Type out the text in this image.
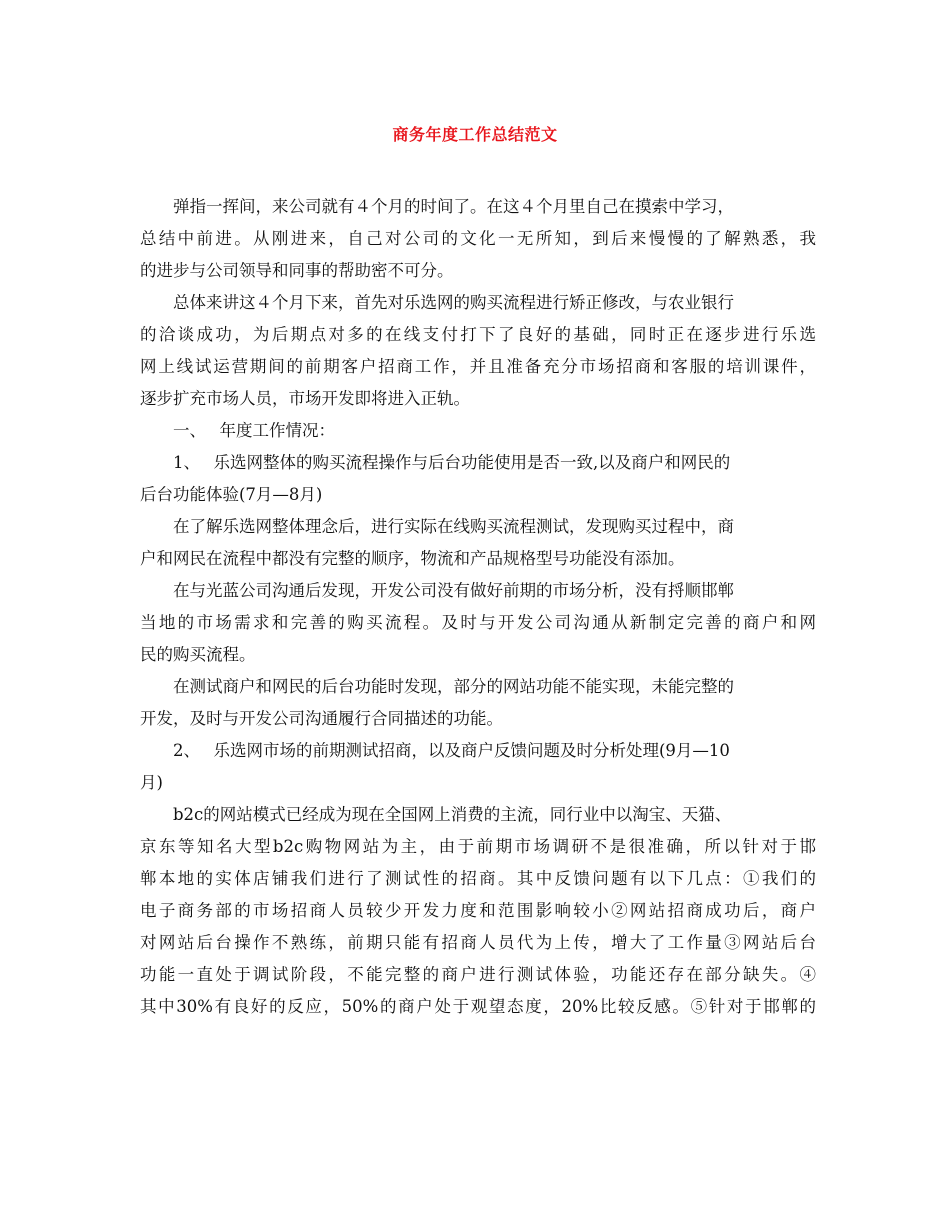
商务年度工作总结范文
弹指一挥间，来公司就有４个月的时间了。在这４个月里自己在摸索中学习，
总结中前进。从刚进来，自己对公司的文化一无所知，到后来慢慢的了解熟悉，我
的进步与公司领导和同事的帮助密不可分。
总体来讲这４个月下来，首先对乐选网的购买流程进行矫正修改，与农业银行
的洽谈成功，为后期点对多的在线支付打下了良好的基础，同时正在逐步进行乐选
网上线试运营期间的前期客户招商工作，并且准备充分市场招商和客服的培训课件，
逐步扩充市场人员，市场开发即将进入正轨。
一、　 年度工作情况：
1、　 乐选网整体的购买流程操作与后台功能使用是否一致,以及商户和网民的
后台功能体验(7月—8月)
在了解乐选网整体理念后，进行实际在线购买流程测试，发现购买过程中，商
户和网民在流程中都没有完整的顺序，物流和产品规格型号功能没有添加。
在与光蓝公司沟通后发现，开发公司没有做好前期的市场分析，没有捋顺邯郸
当地的市场需求和完善的购买流程。及时与开发公司沟通从新制定完善的商户和网
民的购买流程。
在测试商户和网民的后台功能时发现，部分的网站功能不能实现，未能完整的
开发，及时与开发公司沟通履行合同描述的功能。
2、　 乐选网市场的前期测试招商，以及商户反馈问题及时分析处理(9月—10
月)
b2c的网站模式已经成为现在全国网上消费的主流，同行业中以淘宝、天猫、
京东等知名大型b2c购物网站为主，由于前期市场调研不是很准确，所以针对于邯
郸本地的实体店铺我们进行了测试性的招商。其中反馈问题有以下几点：①我们的
电子商务部的市场招商人员较少开发力度和范围影响较小②网站招商成功后，商户
对网站后台操作不熟练，前期只能有招商人员代为上传，增大了工作量③网站后台
功能一直处于调试阶段，不能完整的商户进行测试体验，功能还存在部分缺失。④
其中30%有良好的反应，50%的商户处于观望态度，20%比较反感。⑤针对于邯郸的
